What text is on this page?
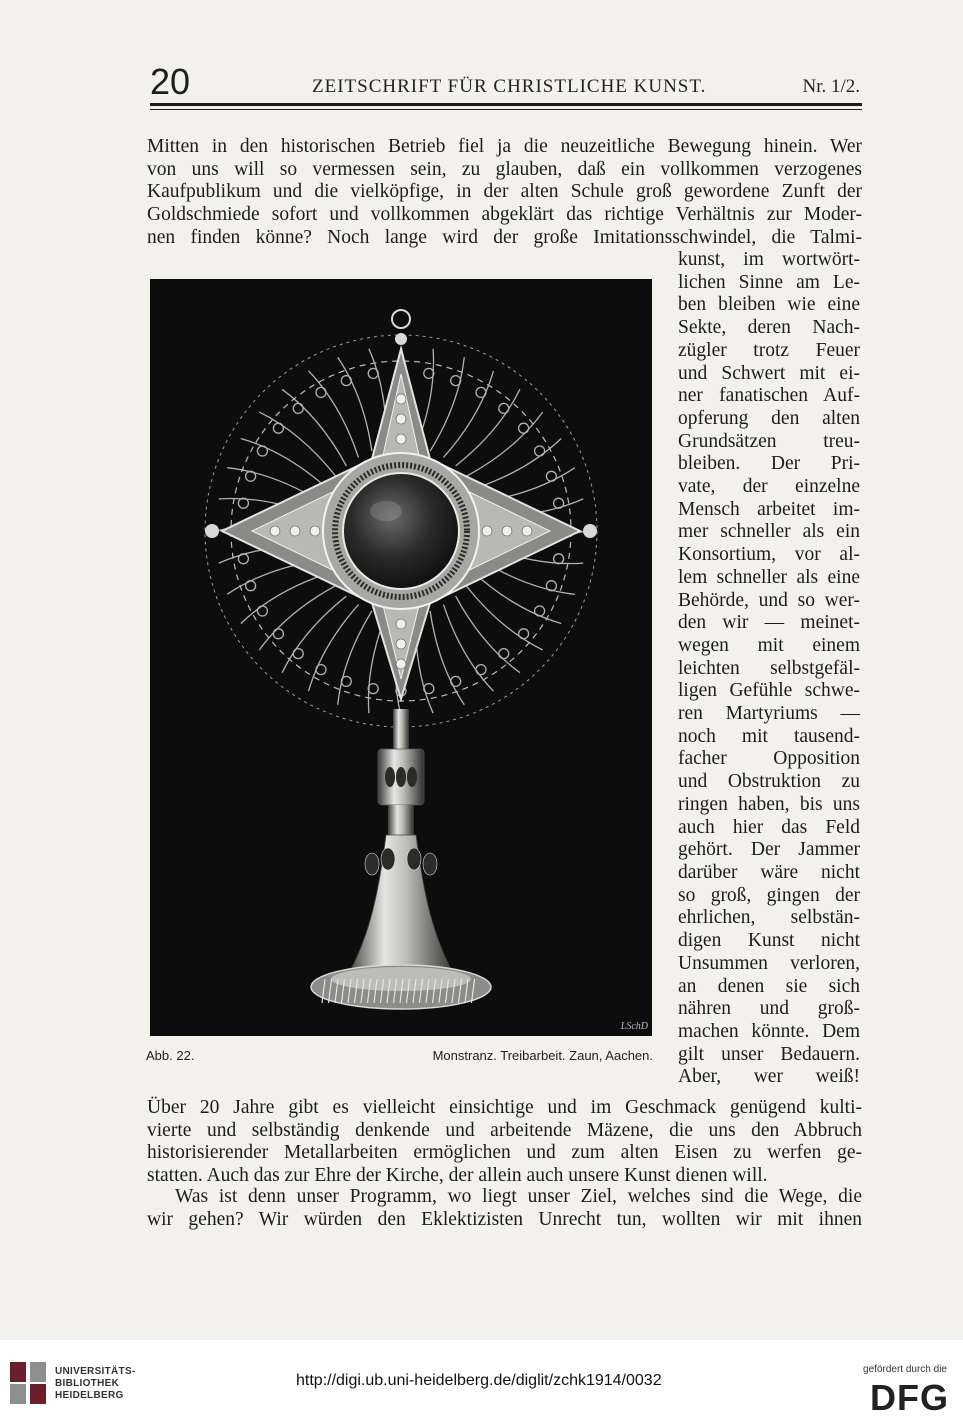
20	ZEITSCHRIFT FÜR CHRISTLICHE KUNST.	Nr. 1/2.

Mitten in den historischen Betrieb fiel ja die neuzeitliche Bewegung hinein. Wer
von uns will so vermessen sein, zu glauben, daß ein vollkommen verzogenes
Kaufpublikum und die vielköpfige, in der alten Schule groß gewordene Zunft der
Goldschmiede sofort und vollkommen abgeklärt das richtige Verhältnis zur Moder-
nen finden könne? Noch lange wird der große Imitationsschwindel, die Talmi-

kunst, im wortwört-
lichen Sinne am Le-
ben bleiben wie eine
Sekte, deren Nach-
zügler trotz Feuer
und Schwert mit ei-
ner fanatischen Auf-
opferung den alten
Grundsätzen treu-
bleiben. Der Pri-
vate, der einzelne
Mensch arbeitet im-
mer schneller als ein
Konsortium, vor al-
lem schneller als eine
Behörde, und so wer-
den wir — meinet-
wegen mit einem
leichten selbstgefäl-
ligen Gefühle schwe-
ren Martyriums —
noch mit tausend-
facher Opposition
und Obstruktion zu
ringen haben, bis uns
auch hier das Feld
gehört. Der Jammer
darüber wäre nicht
so groß, gingen der
ehrlichen, selbstän-
digen Kunst nicht
Unsummen verloren,
an denen sie sich
nähren und groß-
machen könnte. Dem
gilt unser Bedauern.
Aber, wer weiß!
LSchD
Abb. 22.	Monstranz. Treibarbeit. Zaun, Aachen.

Über 20 Jahre gibt es vielleicht einsichtige und im Geschmack genügend kulti-
vierte und selbständig denkende und arbeitende Mäzene, die uns den Abbruch
historisierender Metallarbeiten ermöglichen und zum alten Eisen zu werfen ge-
statten. Auch das zur Ehre der Kirche, der allein auch unsere Kunst dienen will.

Was ist denn unser Programm, wo liegt unser Ziel, welches sind die Wege, die
wir gehen? Wir würden den Eklektizisten Unrecht tun, wollten wir mit ihnen

UNIVERSITÄTS-
BIBLIOTHEK
HEIDELBERG
http://digi.ub.uni-heidelberg.de/diglit/zchk1914/0032
gefördert durch die
DFG
